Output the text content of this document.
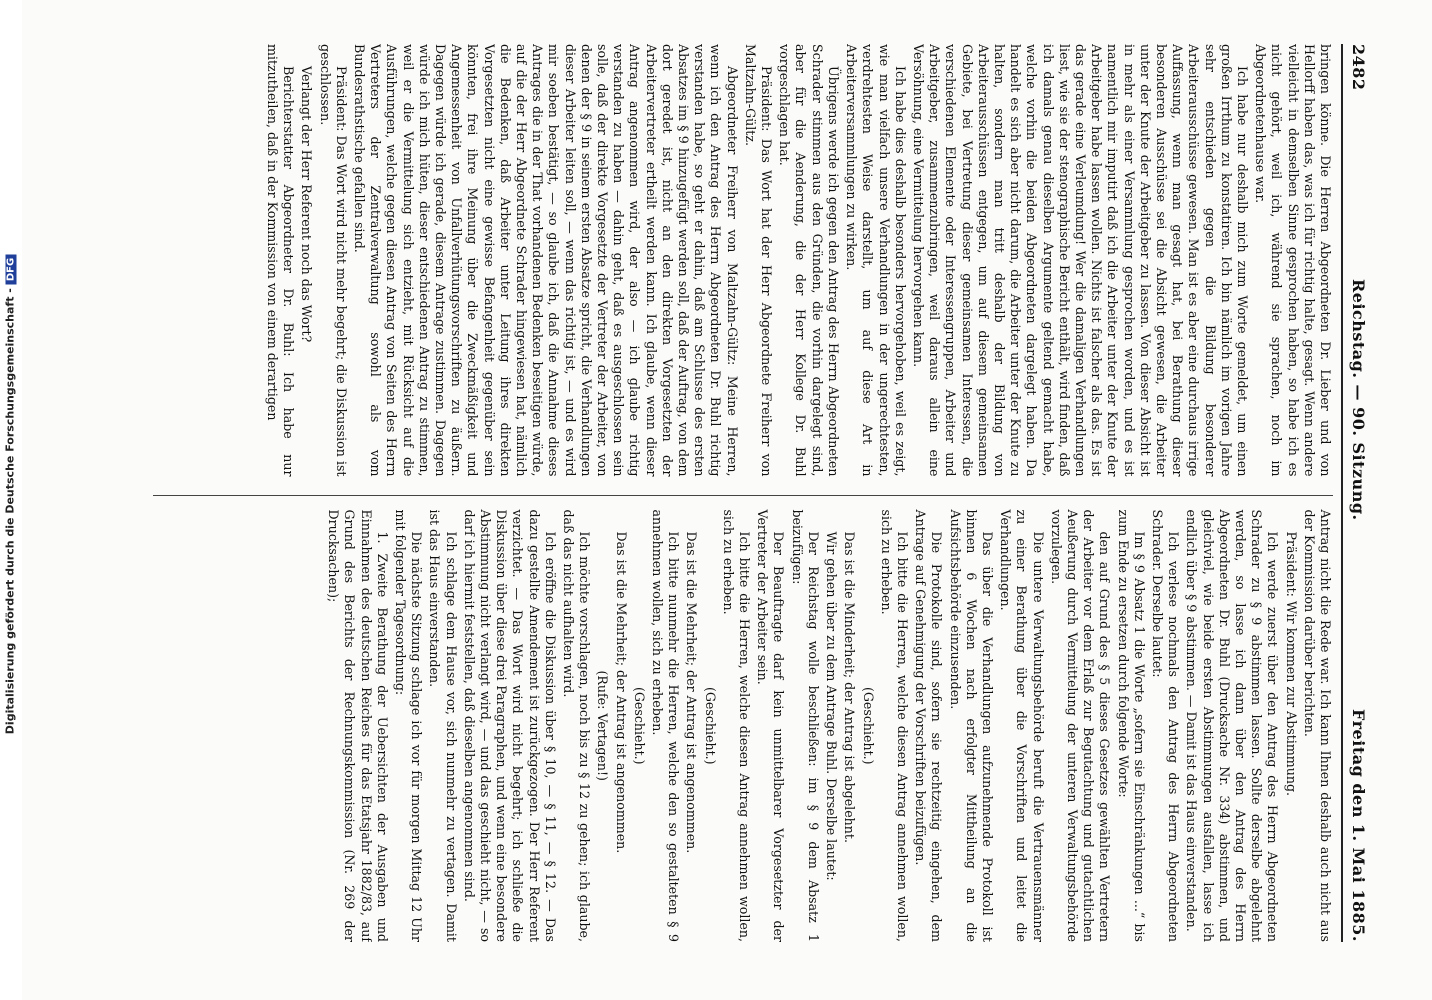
2482
Reichstag. — 90. Sitzung.
Freitag den 1. Mai 1885.

bringen könne. Die Herren Abgeordneten Dr. Lieber und von Hellorff haben das, was ich für richtig halte, gesagt. Wenn andere vielleicht in demselben Sinne gesprochen haben, so habe ich es nicht gehört, weil ich, während sie sprachen, noch im Abgeordnetenhause war.

Ich habe nur deshalb mich zum Worte gemeldet, um einen großen Irrthum zu konstatiren. Ich bin nämlich im vorigen Jahre sehr entschieden gegen die Bildung besonderer Arbeiterausschüsse gewesen. Man ist es aber eine durchaus irrige Auffassung, wenn man gesagt hat, bei Berathung dieser besonderen Ausschüsse sei die Absicht gewesen, die Arbeiter unter der Knute der Arbeitgeber zu lassen. Von dieser Absicht ist in mehr als einer Versammlung gesprochen worden, und es ist namentlich mir imputirt daß ich die Arbeiter unter der Knute der Arbeitgeber habe lassen wollen. Nichts ist falscher als das. Es ist das gerade eine Verleumdung! Wer die damaligen Verhandlungen liest, wie sie der stenographische Bericht enthält, wird finden, daß ich damals genau dieselben Argumente geltend gemacht habe, welche vorhin die beiden Abgeordneten dargelegt haben. Da handelt es sich aber nicht darum, die Arbeiter unter der Knute zu halten, sondern man tritt deshalb der Bildung von Arbeiterausschüssen entgegen, um auf diesem gemeinsamen Gebiete, bei Vertretung dieser gemeinsamen Interessen, die verschiedenen Elemente oder Interessengruppen, Arbeiter und Arbeitgeber, zusammenzubringen, weil daraus allein eine Versöhnung, eine Vermittelung hervorgehen kann.

Ich habe dies deshalb besonders hervorgehoben, weil es zeigt, wie man vielfach unsere Verhandlungen in der ungerechtesten, verdrehtesten Weise darstellt, um auf diese Art in Arbeiterversammlungen zu wirken.

Übrigens werde ich gegen den Antrag des Herrn Abgeordneten Schrader stimmen aus den Gründen, die vorhin dargelegt sind, aber für die Aenderung, die der Herr Kollege Dr. Buhl vorgeschlagen hat.

Präsident: Das Wort hat der Herr Abgeordnete Freiherr von Maltzahn-Gültz.

Abgeordneter Freiherr von Maltzahn-Gültz: Meine Herren, wenn ich den Antrag des Herrn Abgeordneten Dr. Buhl richtig verstanden habe, so geht er dahin, daß am Schlusse des ersten Absatzes im § 9 hinzugefügt werden soll, daß der Auftrag, von dem dort geredet ist, nicht an den direkten Vorgesetzten der Arbeitervertreter ertheilt werden kann. Ich glaube, wenn dieser Antrag angenommen wird, der also — ich glaube richtig verstanden zu haben — dahin geht, daß es ausgeschlossen sein solle, daß der direkte Vorgesetzte der Vertreter der Arbeiter, von denen der § 9 in seinem ersten Absatze spricht, die Verhandlungen dieser Arbeiter leiten soll, — wenn das richtig ist, — und es wird mir soeben bestätigt, — so glaube ich, daß die Annahme dieses Antrages die in der That vorhandenen Bedenken beseitigen würde, auf die der Herr Abgeordnete Schrader hingewiesen hat, nämlich die Bedenken, daß Arbeiter unter Leitung ihres direkten Vorgesetzten nicht eine gewisse Befangenheit gegenüber sein könnten, frei ihre Meinung über die Zweckmäßigkeit und Angemessenheit von Unfallverhütungsvorschriften zu äußern. Dagegen würde ich gerade, diesem Antrage zustimmen. Dagegen würde ich mich hüten, dieser entschiedenen Antrag zu stimmen, weil er die Vermittelung sich entzieht, mit Rücksicht auf die Ausführungen, welche gegen diesen Antrag von Seiten des Herrn Vertreters der Zentralverwaltung sowohl als vom Bundesrathstische gefallen sind.

Präsident: Das Wort wird nicht mehr begehrt; die Diskussion ist geschlossen.

Verlangt der Herr Referent noch das Wort?

Berichterstatter Abgeordneter Dr. Buhl: Ich habe nur mitzutheilen, daß in der Kommission von einem derartigen

Antrag nicht die Rede war. Ich kann Ihnen deshalb auch nicht aus der Kommission darüber berichten.

Präsident: Wir kommen zur Abstimmung.

Ich werde zuerst über den Antrag des Herrn Abgeordneten Schrader zu § 9 abstimmen lassen. Sollte derselbe abgelehnt werden, so lasse ich dann über den Antrag des Herrn Abgeordneten Dr. Buhl (Drucksache Nr. 334) abstimmen, und gleichviel, wie beide ersten Abstimmungen ausfallen, lasse ich endlich über § 9 abstimmen. — Damit ist das Haus einverstanden.

Ich verlese nochmals den Antrag des Herrn Abgeordneten Schrader. Derselbe lautet:

Im § 9 Absatz 1 die Worte „sofern sie Einschränkungen ...“ bis zum Ende zu ersetzen durch folgende Worte:

den auf Grund des § 5 dieses Gesetzes gewählten Vertretern der Arbeiter vor dem Erlaß zur Begutachtung und gutachtlichen Aeußerung durch Vermittelung der unteren Verwaltungsbehörde vorzulegen.

Die untere Verwaltungsbehörde beruft die Vertrauensmänner zu einer Berathung über die Vorschriften und leitet die Verhandlungen.

Das über die Verhandlungen aufzunehmende Protokoll ist binnen 6 Wochen nach erfolgter Mittheilung an die Aufsichtsbehörde einzusenden.

Die Protokolle sind, sofern sie rechtzeitig eingehen, dem Antrage auf Genehmigung der Vorschriften beizufügen.

Ich bitte die Herren, welche diesen Antrag annehmen wollen, sich zu erheben.

(Geschieht.)

Das ist die Minderheit; der Antrag ist abgelehnt.

Wir gehen über zu dem Antrage Buhl. Derselbe lautet:

Der Reichstag wolle beschließen: im § 9 dem Absatz 1 beizufügen:

Der Beauftragte darf kein unmittelbarer Vorgesetzter der Vertreter der Arbeiter sein.

Ich bitte die Herren, welche diesen Antrag annehmen wollen, sich zu erheben.

(Geschieht.)

Das ist die Mehrheit; der Antrag ist angenommen.

Ich bitte nunmehr die Herren, welche den so gestalteten § 9 annehmen wollen, sich zu erheben.

(Geschieht.)

Das ist die Mehrheit; der Antrag ist angenommen.

(Rufe: Vertagen!)

Ich möchte vorschlagen, noch bis zu § 12 zu gehen; ich glaube, daß das nicht aufhalten wird.

Ich eröffne die Diskussion über § 10, — § 11, — § 12. — Das dazu gestellte Amendement ist zurückgezogen. Der Herr Referent verzichtet. — Das Wort wird nicht begehrt; ich schließe die Diskussion über diese drei Paragraphen, und wenn eine besondere Abstimmung nicht verlangt wird, — und das geschieht nicht, — so darf ich hiermit feststellen, daß dieselben angenommen sind.

Ich schlage dem Hause vor, sich nunmehr zu vertagen. Damit ist das Haus einverstanden.

Die nächste Sitzung schlage ich vor für morgen Mittag 12 Uhr mit folgender Tagesordnung:

1. Zweite Berathung der Uebersichten der Ausgaben und Einnahmen des deutschen Reiches für das Etatsjahr 1882/83, auf Grund des Berichts der Rechnungskommission (Nr. 269 der Drucksachen);

Digitalisierung gefördert durch die Deutsche Forschungsgemeinschaft -DFG
